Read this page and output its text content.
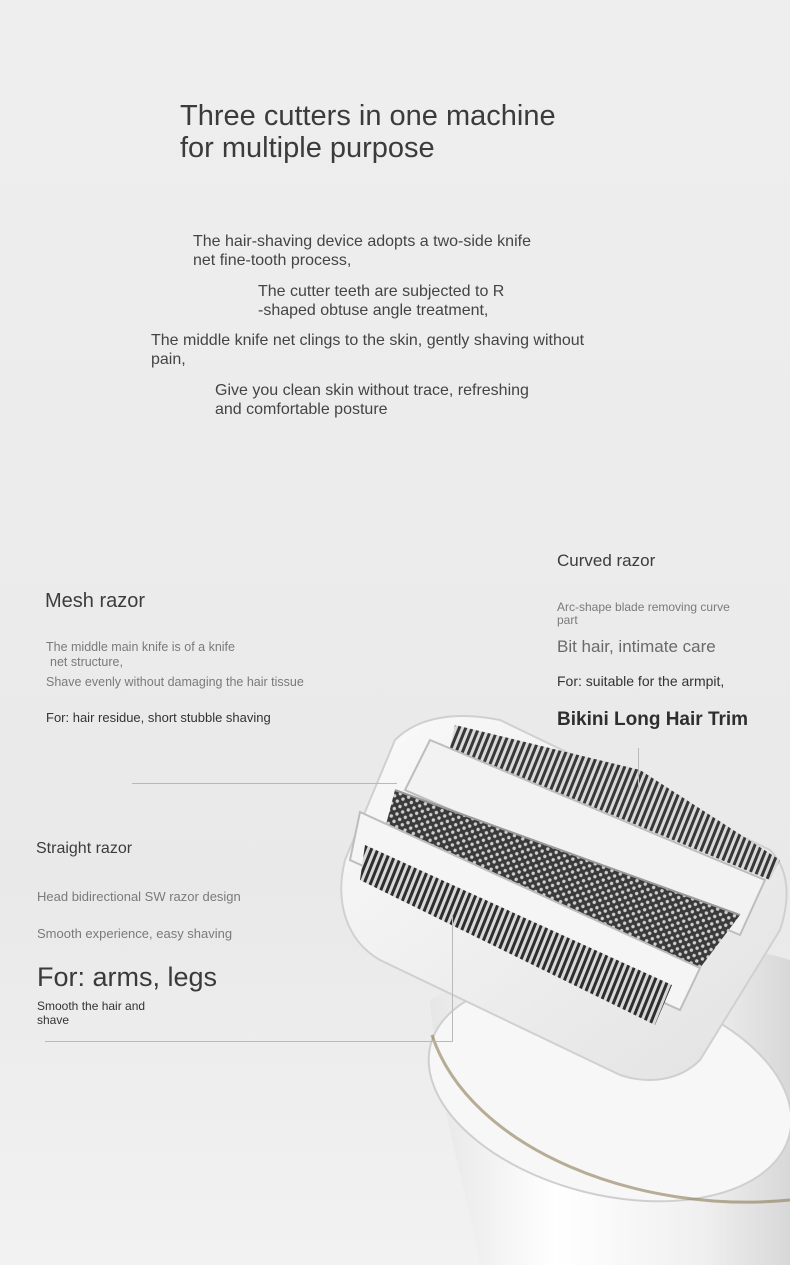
Three cutters in one machine
for multiple purpose

The hair-shaving device adopts a two-side knife
net fine-tooth process,

The cutter teeth are subjected to R
-shaped obtuse angle treatment,

The middle knife net clings to the skin, gently shaving without
pain,

Give you clean skin without trace, refreshing
and comfortable posture

Mesh razor
The middle main knife is of a knife
net structure,
Shave evenly without damaging the hair tissue
For: hair residue, short stubble shaving
Curved razor
Arc-shape blade removing curve
part
Bit hair, intimate care
For: suitable for the armpit,
Bikini Long Hair Trim
Straight razor
Head bidirectional SW razor design
Smooth experience, easy shaving
For: arms, legs
Smooth the hair and
shave
